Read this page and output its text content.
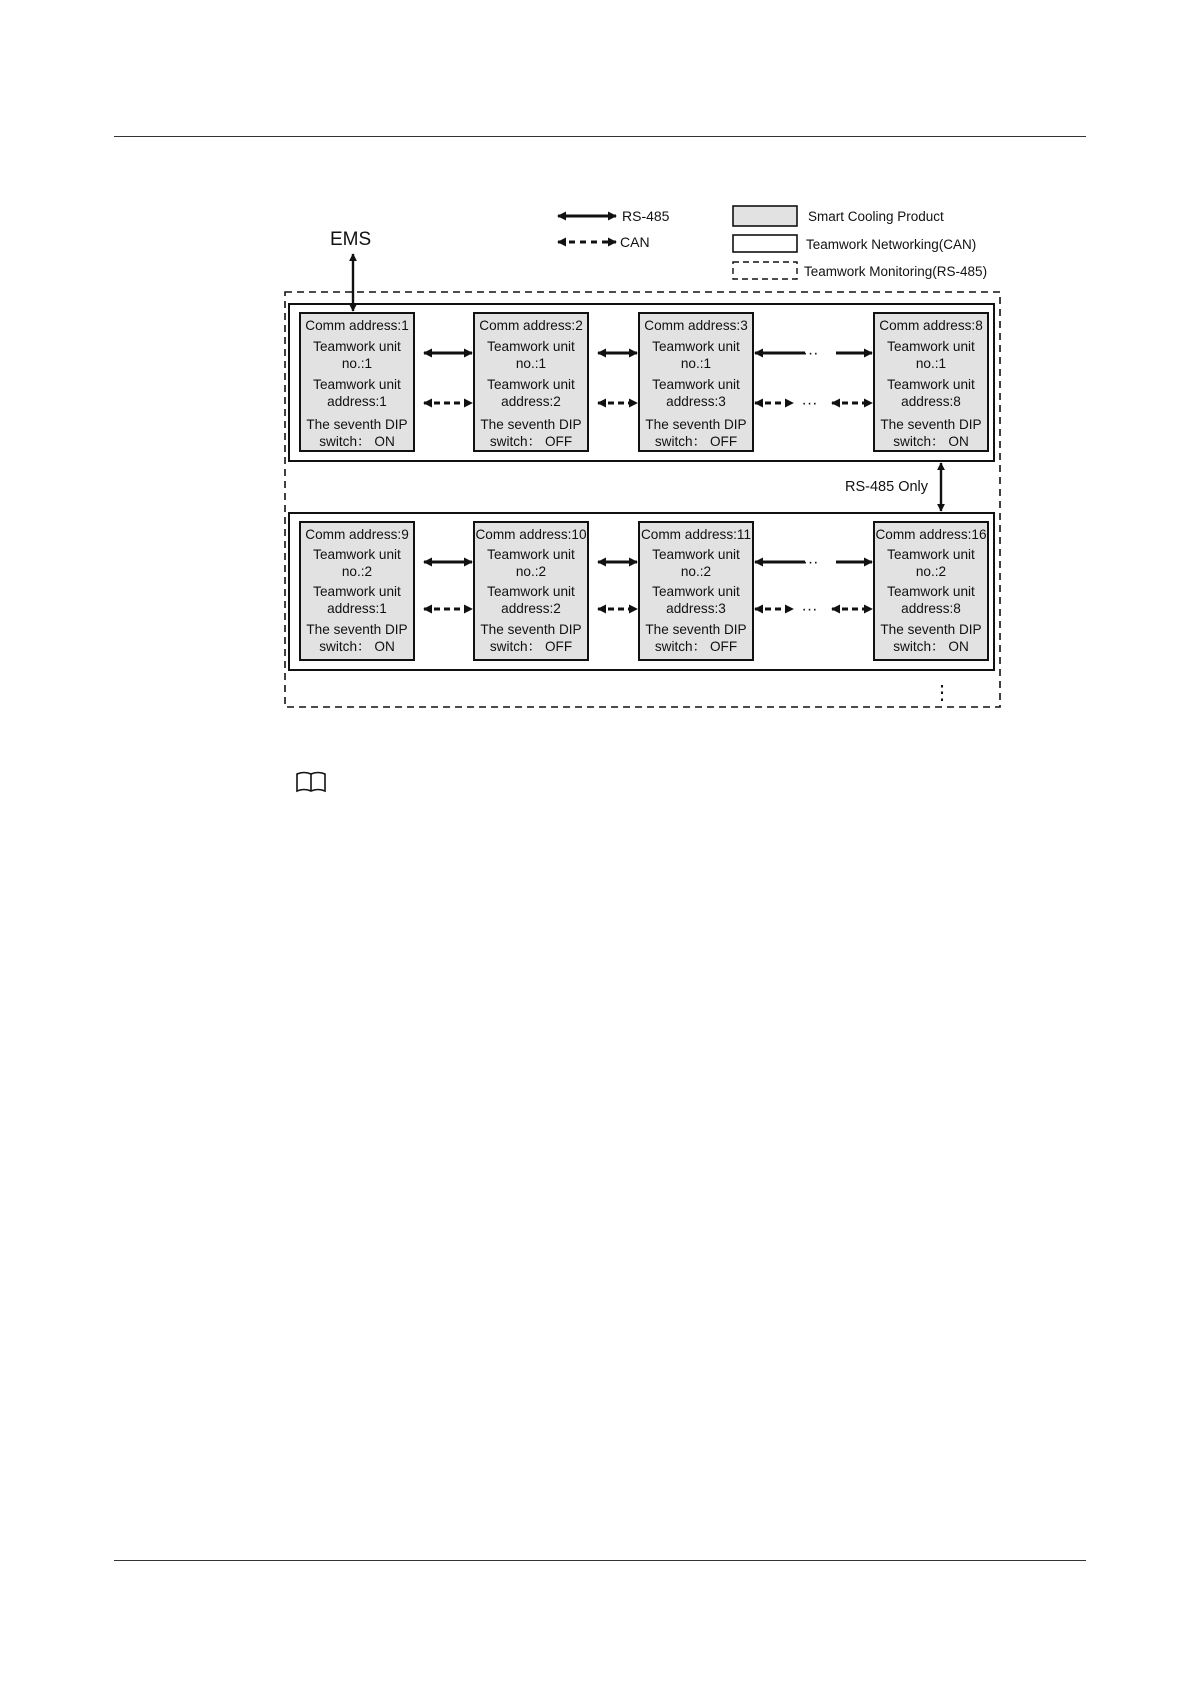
RS-485
CAN
Smart Cooling Product
Teamwork Networking(CAN)
Teamwork Monitoring(RS-485)
EMS
RS-485 Only
⋮
Comm address:1
Teamwork unit
no.:1
Teamwork unit
address:1
The seventh DIP
switch： ON
Comm address:2
Teamwork unit
no.:1
Teamwork unit
address:2
The seventh DIP
switch： OFF
Comm address:3
Teamwork unit
no.:1
Teamwork unit
address:3
The seventh DIP
switch： OFF
Comm address:8
Teamwork unit
no.:1
Teamwork unit
address:8
The seventh DIP
switch： ON
Comm address:9
Teamwork unit
no.:2
Teamwork unit
address:1
The seventh DIP
switch： ON
Comm address:10
Teamwork unit
no.:2
Teamwork unit
address:2
The seventh DIP
switch： OFF
Comm address:11
Teamwork unit
no.:2
Teamwork unit
address:3
The seventh DIP
switch： OFF
Comm address:16
Teamwork unit
no.:2
Teamwork unit
address:8
The seventh DIP
switch： ON
···
···
···
···
